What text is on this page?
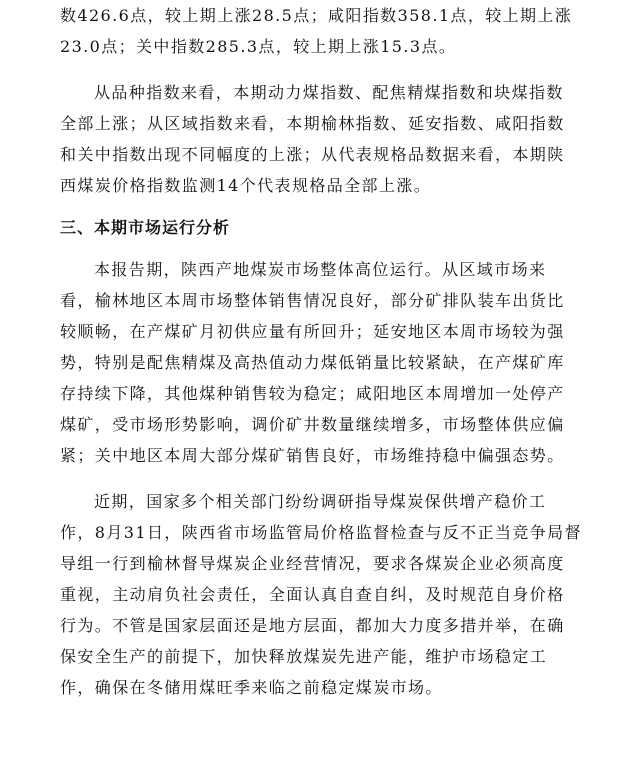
数426.6点，较上期上涨28.5点；咸阳指数358.1点，较上期上涨
23.0点；关中指数285.3点，较上期上涨15.3点。
从品种指数来看，本期动力煤指数、配焦精煤指数和块煤指数
全部上涨；从区域指数来看，本期榆林指数、延安指数、咸阳指数
和关中指数出现不同幅度的上涨；从代表规格品数据来看，本期陕
西煤炭价格指数监测14个代表规格品全部上涨。
三、本期市场运行分析
本报告期，陕西产地煤炭市场整体高位运行。从区域市场来
看，榆林地区本周市场整体销售情况良好，部分矿排队装车出货比
较顺畅，在产煤矿月初供应量有所回升；延安地区本周市场较为强
势，特别是配焦精煤及高热值动力煤低销量比较紧缺，在产煤矿库
存持续下降，其他煤种销售较为稳定；咸阳地区本周增加一处停产
煤矿，受市场形势影响，调价矿井数量继续增多，市场整体供应偏
紧；关中地区本周大部分煤矿销售良好，市场维持稳中偏强态势。
近期，国家多个相关部门纷纷调研指导煤炭保供增产稳价工
作，8月31日，陕西省市场监管局价格监督检查与反不正当竞争局督
导组一行到榆林督导煤炭企业经营情况，要求各煤炭企业必须高度
重视，主动肩负社会责任，全面认真自查自纠，及时规范自身价格
行为。不管是国家层面还是地方层面，都加大力度多措并举，在确
保安全生产的前提下，加快释放煤炭先进产能，维护市场稳定工
作，确保在冬储用煤旺季来临之前稳定煤炭市场。
